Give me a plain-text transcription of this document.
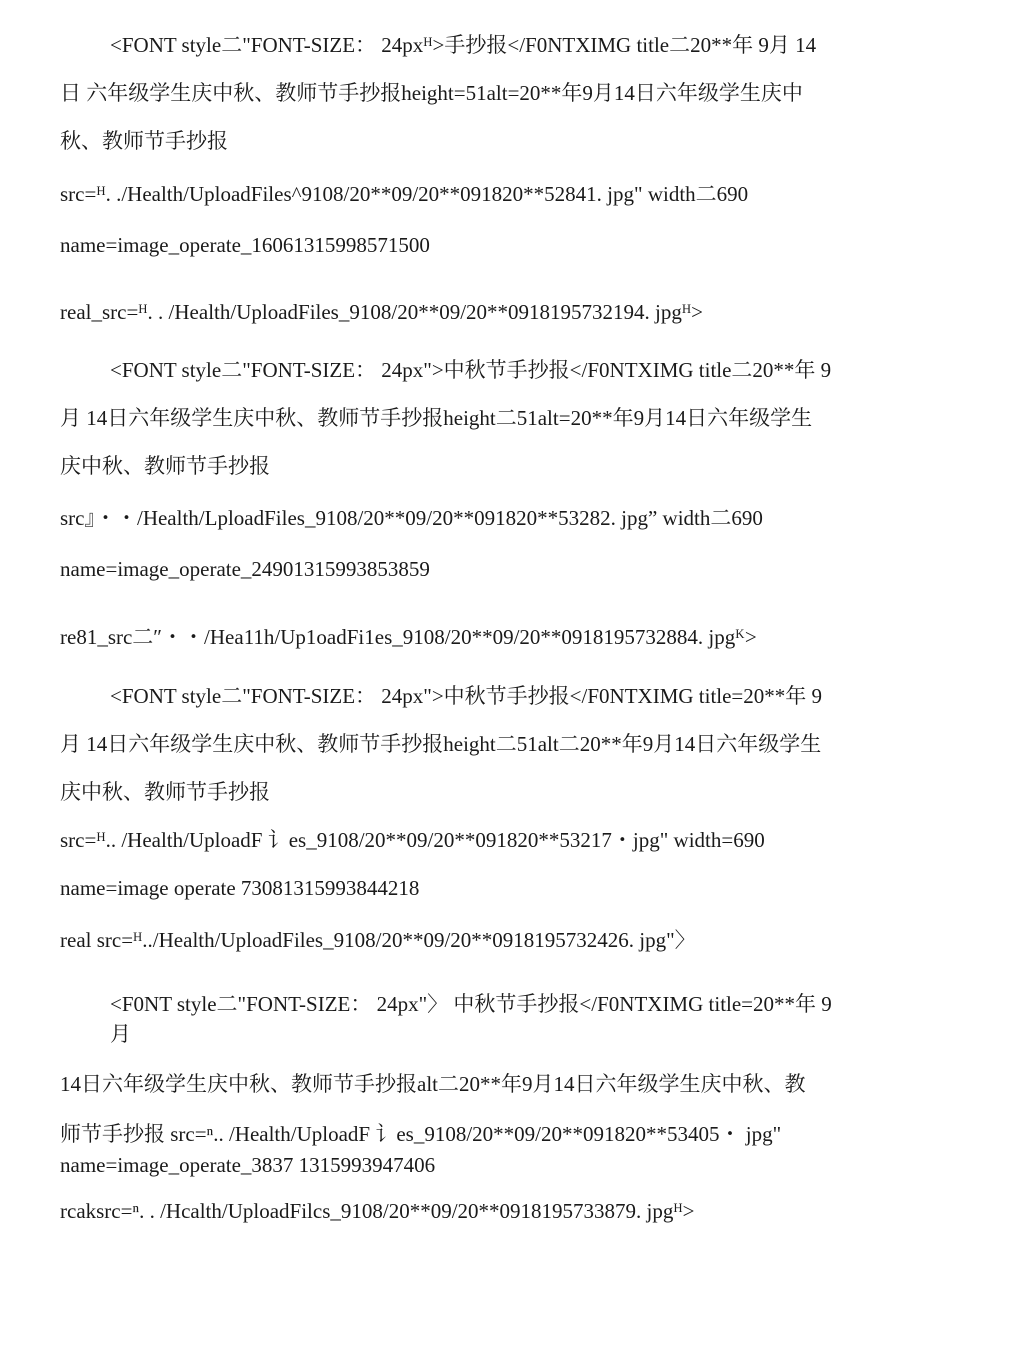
<FONT style二"FONT-SIZE： 24pxᴴ>手抄报</F0NTXIMG title二20**年 9月 14
日 六年级学生庆中秋、教师节手抄报height=51alt=20**年9月14日六年级学生庆中
秋、教师节手抄报
src=ᴴ. ./Health/UploadFiles^9108/20**09/20**091820**52841. jpg" width二690
name=image_operate_16061315998571500
real_src=ᴴ. . /Health/UploadFiles_9108/20**09/20**0918195732194. jpgᴴ>
<FONT style二"FONT-SIZE： 24px">中秋节手抄报</F0NTXIMG title二20**年 9
月 14日六年级学生庆中秋、教师节手抄报height二51alt=20**年9月14日六年级学生
庆中秋、教师节手抄报
src』・・/Health/LploadFiles_9108/20**09/20**091820**53282. jpg” width二690
name=image_operate_24901315993853859
re81_src二″・・/Hea11h/Up1oadFi1es_9108/20**09/20**0918195732884. jpgᴷ>
<FONT style二"FONT-SIZE： 24px">中秋节手抄报</F0NTXIMG title=20**年 9
月 14日六年级学生庆中秋、教师节手抄报height二51alt二20**年9月14日六年级学生
庆中秋、教师节手抄报
src=ᴴ.. /Health/UploadF 讠es_9108/20**09/20**091820**53217・jpg" width=690
name=image operate 73081315993844218
real src=ᴴ../Health/UploadFiles_9108/20**09/20**0918195732426. jpg"〉
<F0NT style二"FONT-SIZE： 24px"〉 中秋节手抄报</F0NTXIMG title=20**年 9
月
14日六年级学生庆中秋、教师节手抄报alt二20**年9月14日六年级学生庆中秋、教
师节手抄报 src=ⁿ.. /Health/UploadF 讠es_9108/20**09/20**091820**53405・ jpg"
name=image_operate_3837 1315993947406
rcaksrc=ⁿ. . /Hcalth/UploadFilcs_9108/20**09/20**0918195733879. jpgᴴ>
